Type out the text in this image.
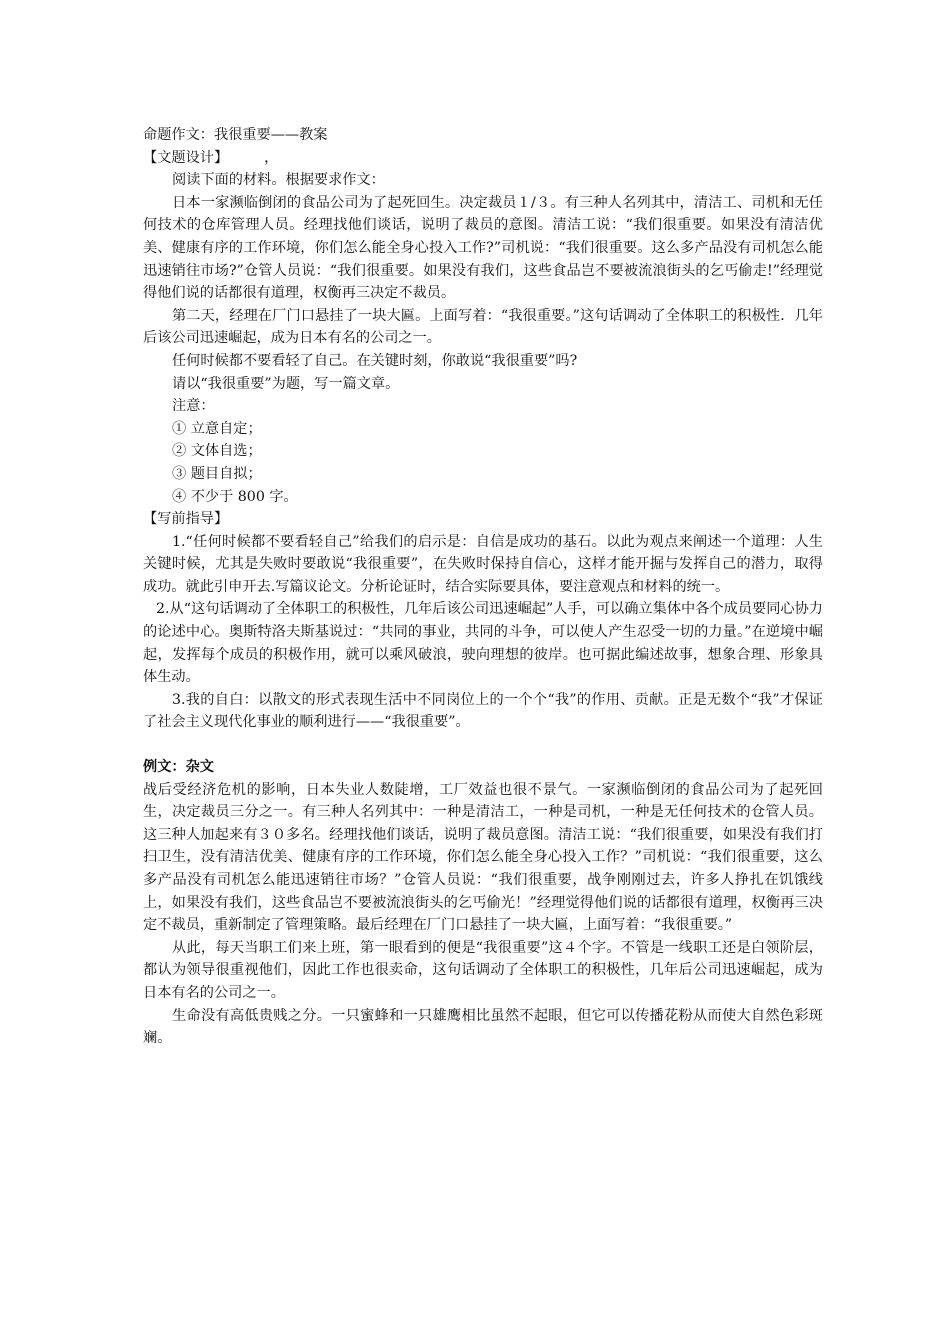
命题作文：我很重要——教案
【文题设计】	，

阅读下面的材料。根据要求作文：

日本一家濒临倒闭的食品公司为了起死回生。决定裁员１/３。有三种人名列其中，清洁工、司机和无任何技术的仓库管理人员。经理找他们谈话，说明了裁员的意图。清洁工说：“我们很重要。如果没有清洁优美、健康有序的工作环境，你们怎么能全身心投入工作?”司机说：“我们很重要。这么多产品没有司机怎么能迅速销往市场?”仓管人员说：“我们很重要。如果没有我们，这些食品岂不要被流浪街头的乞丐偷走!”经理觉得他们说的话都很有道理，权衡再三决定不裁员。

第二天，经理在厂门口悬挂了一块大匾。上面写着：“我很重要。”这句话调动了全体职工的积极性．几年后该公司迅速崛起，成为日本有名的公司之一。

任何时候都不要看轻了自己。在关键时刻，你敢说“我很重要”吗?

请以“我很重要”为题，写一篇文章。

注意：

① 立意自定；

② 文体自选；

③ 题目自拟；

④ 不少于 800 字。

【写前指导】

1.“任何时候都不要看轻自己”给我们的启示是：自信是成功的基石。以此为观点来阐述一个道理：人生关键时候，尤其是失败时要敢说“我很重要”，在失败时保持自信心，这样才能开掘与发挥自己的潜力，取得成功。就此引申开去.写篇议论文。分析论证时，结合实际要具体，要注意观点和材料的统一。

2.从“这句话调动了全体职工的积极性，几年后该公司迅速崛起”人手，可以确立集体中各个成员要同心协力的论述中心。奥斯特洛夫斯基说过：“共同的事业，共同的斗争，可以使人产生忍受一切的力量。”在逆境中崛起，发挥每个成员的积极作用，就可以乘风破浪，驶向理想的彼岸。也可据此编述故事，想象合理、形象具体生动。

3.我的自白：以散文的形式表现生活中不同岗位上的一个个“我”的作用、贡献。正是无数个“我”才保证了社会主义现代化事业的顺利进行——“我很重要”。

例文：杂文

战后受经济危机的影响，日本失业人数陡增，工厂效益也很不景气。一家濒临倒闭的食品公司为了起死回生，决定裁员三分之一。有三种人名列其中：一种是清洁工，一种是司机，一种是无任何技术的仓管人员。这三种人加起来有３０多名。经理找他们谈话，说明了裁员意图。清洁工说：“我们很重要，如果没有我们打扫卫生，没有清洁优美、健康有序的工作环境，你们怎么能全身心投入工作？”司机说：“我们很重要，这么多产品没有司机怎么能迅速销往市场？”仓管人员说：“我们很重要，战争刚刚过去，许多人挣扎在饥饿线上，如果没有我们，这些食品岂不要被流浪街头的乞丐偷光！”经理觉得他们说的话都很有道理，权衡再三决定不裁员，重新制定了管理策略。最后经理在厂门口悬挂了一块大匾，上面写着：“我很重要。”

从此，每天当职工们来上班，第一眼看到的便是“我很重要”这４个字。不管是一线职工还是白领阶层，都认为领导很重视他们，因此工作也很卖命，这句话调动了全体职工的积极性，几年后公司迅速崛起，成为日本有名的公司之一。

生命没有高低贵贱之分。一只蜜蜂和一只雄鹰相比虽然不起眼，但它可以传播花粉从而使大自然色彩斑斓。
